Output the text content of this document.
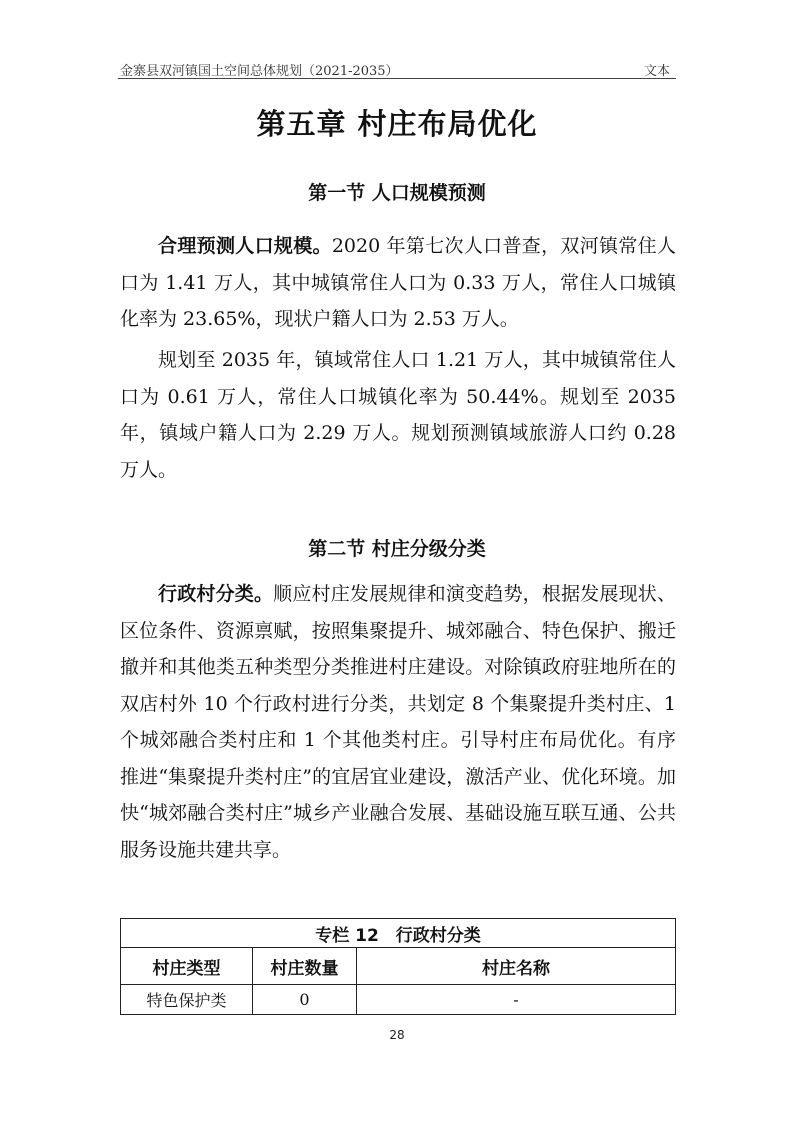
金寨县双河镇国土空间总体规划（2021-2035）	文本
第五章 村庄布局优化
第一节 人口规模预测

合理预测人口规模。2020 年第七次人口普查，双河镇常住人口为 1.41 万人，其中城镇常住人口为 0.33 万人，常住人口城镇化率为 23.65%，现状户籍人口为 2.53 万人。

规划至 2035 年，镇域常住人口 1.21 万人，其中城镇常住人口为 0.61 万人，常住人口城镇化率为 50.44%。规划至 2035 年，镇域户籍人口为 2.29 万人。规划预测镇域旅游人口约 0.28 万人。

第二节 村庄分级分类

行政村分类。顺应村庄发展规律和演变趋势，根据发展现状、区位条件、资源禀赋，按照集聚提升、城郊融合、特色保护、搬迁撤并和其他类五种类型分类推进村庄建设。对除镇政府驻地所在的双店村外 10 个行政村进行分类，共划定 8 个集聚提升类村庄、1 个城郊融合类村庄和 1 个其他类村庄。引导村庄布局优化。有序推进“集聚提升类村庄”的宜居宜业建设，激活产业、优化环境。加快“城郊融合类村庄”城乡产业融合发展、基础设施互联互通、公共服务设施共建共享。

专栏 12　行政村分类		
村庄类型	村庄数量	村庄名称
特色保护类	0	-
28
